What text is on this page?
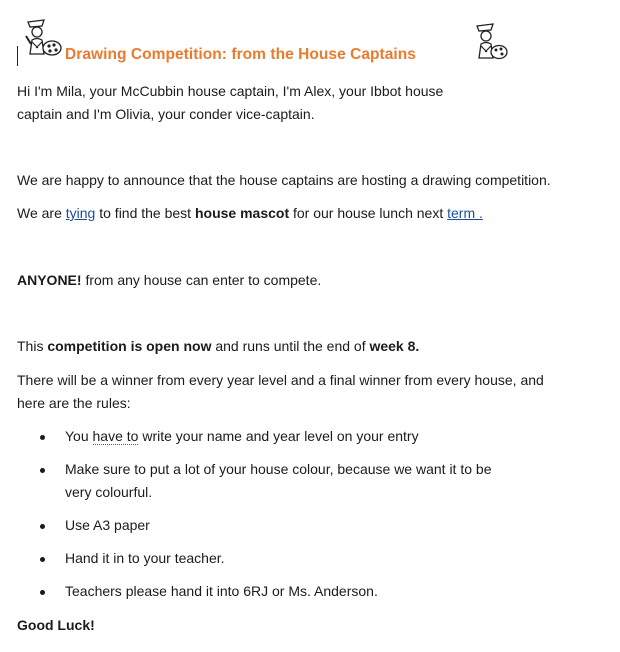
Drawing Competition: from the House Captains

Hi I'm Mila, your McCubbin house captain, I'm Alex, your Ibbot house

captain and I'm Olivia, your conder vice-captain.

We are happy to announce that the house captains are hosting a drawing competition.

We are tying to find the best house mascot for our house lunch next term .

ANYONE! from any house can enter to compete.

This competition is open now and runs until the end of week 8.

There will be a winner from every year level and a final winner from every house, and

here are the rules:

You have to write your name and year level on your entry
Make sure to put a lot of your house colour, because we want it to be
very colourful.
Use A3 paper
Hand it in to your teacher.
Teachers please hand it into 6RJ or Ms. Anderson.

Good Luck!
